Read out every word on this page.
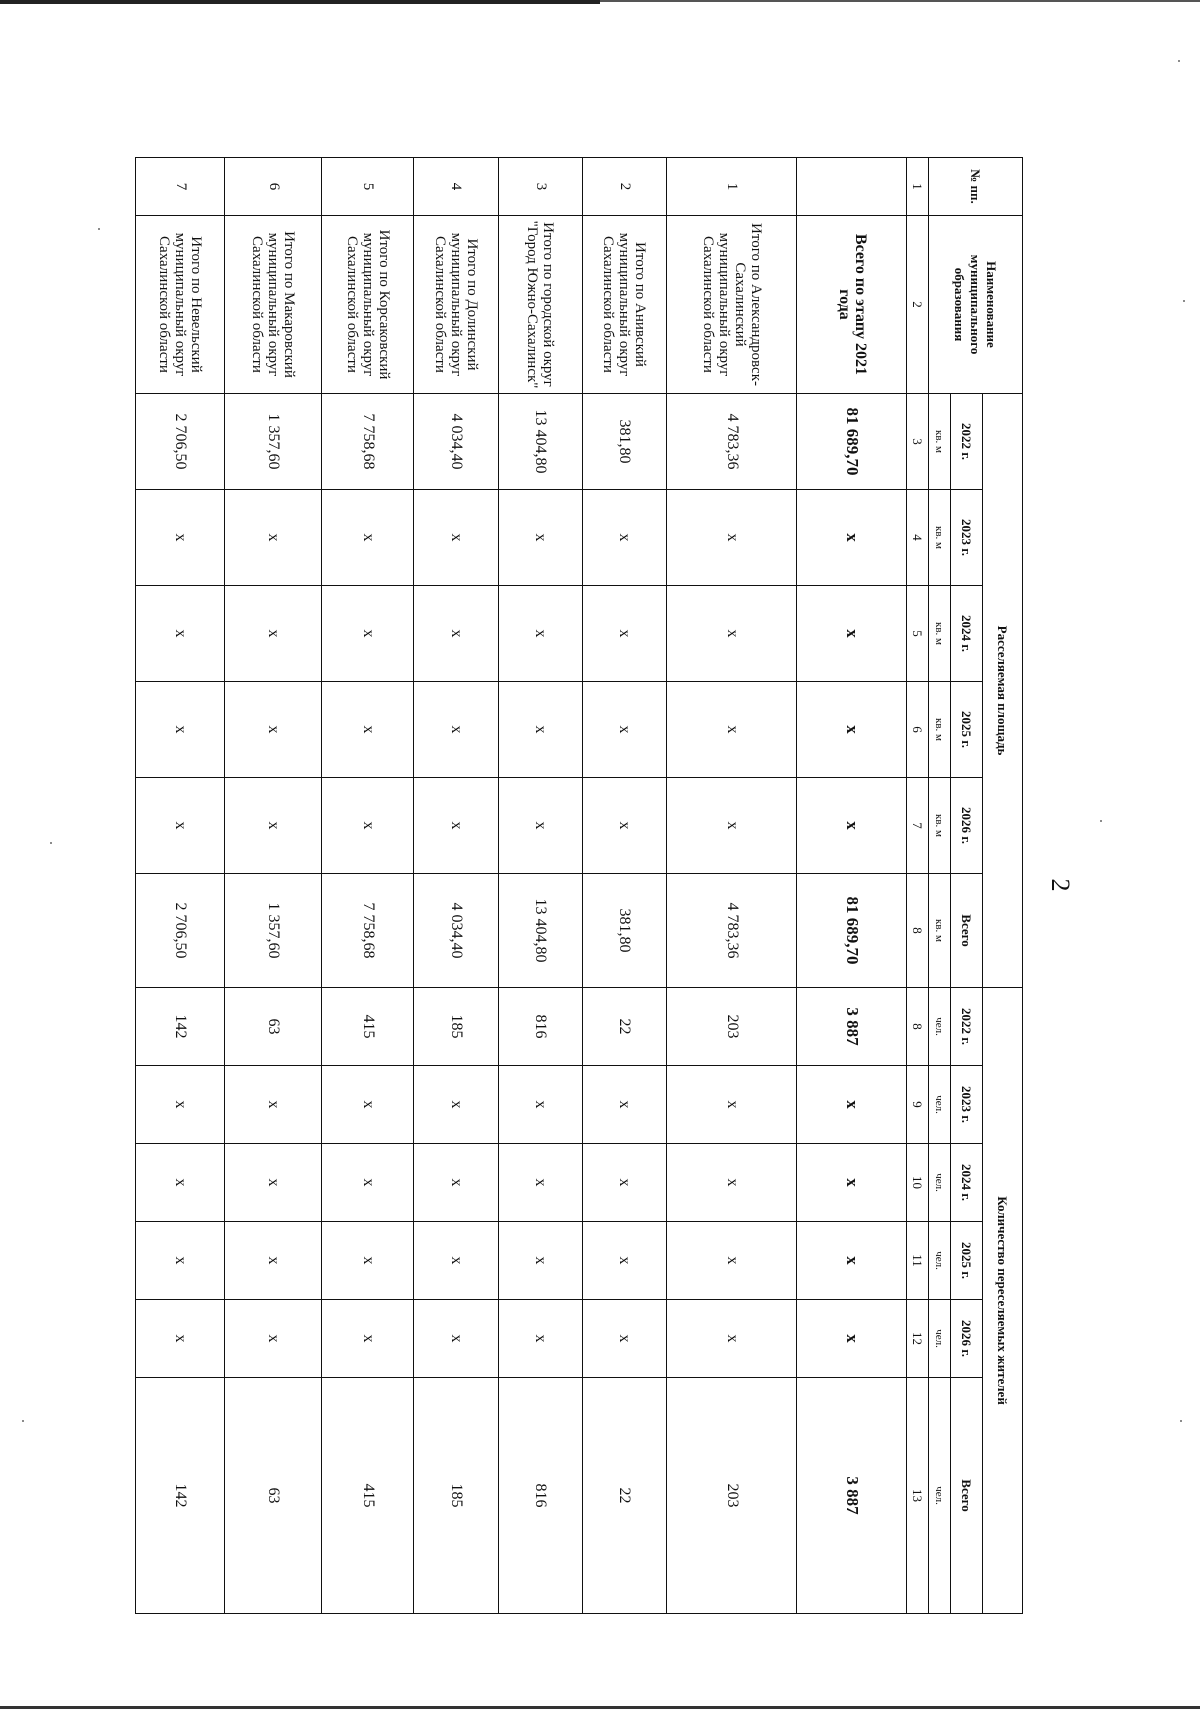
2
№ пп.	Наименование муниципального образования	Расселяемая площадь						Количество переселяемых жителей					
		2022 г.	2023 г.	2024 г.	2025 г.	2026 г.	Всего	2022 г.	2023 г.	2024 г.	2025 г.	2026 г.	Всего
		кв. м	кв. м	кв. м	кв. м	кв. м	кв. м	чел.	чел.	чел.	чел.	чел.	чел.
1	2	3	4	5	6	7	8	8	9	10	11	12	13
	Всего по этапу 2021 года	81 689,70	x	x	x	x	81 689,70	3 887	x	x	x	x	3 887
1	Итого по Александровск-Сахалинский муниципальный округ Сахалинской области	4 783,36	x	x	x	x	4 783,36	203	x	x	x	x	203
2	Итого по Анивский муниципальный округ Сахалинской области	381,80	x	x	x	x	381,80	22	x	x	x	x	22
3	Итого по городской округ "Город Южно-Сахалинск"	13 404,80	x	x	x	x	13 404,80	816	x	x	x	x	816
4	Итого по Долинский муниципальный округ Сахалинской области	4 034,40	x	x	x	x	4 034,40	185	x	x	x	x	185
5	Итого по Корсаковский муниципальный округ Сахалинской области	7 758,68	x	x	x	x	7 758,68	415	x	x	x	x	415
6	Итого по Макаровский муниципальный округ Сахалинской области	1 357,60	x	x	x	x	1 357,60	63	x	x	x	x	63
7	Итого по Невельский муниципальный округ Сахалинской области	2 706,50	x	x	x	x	2 706,50	142	x	x	x	x	142
